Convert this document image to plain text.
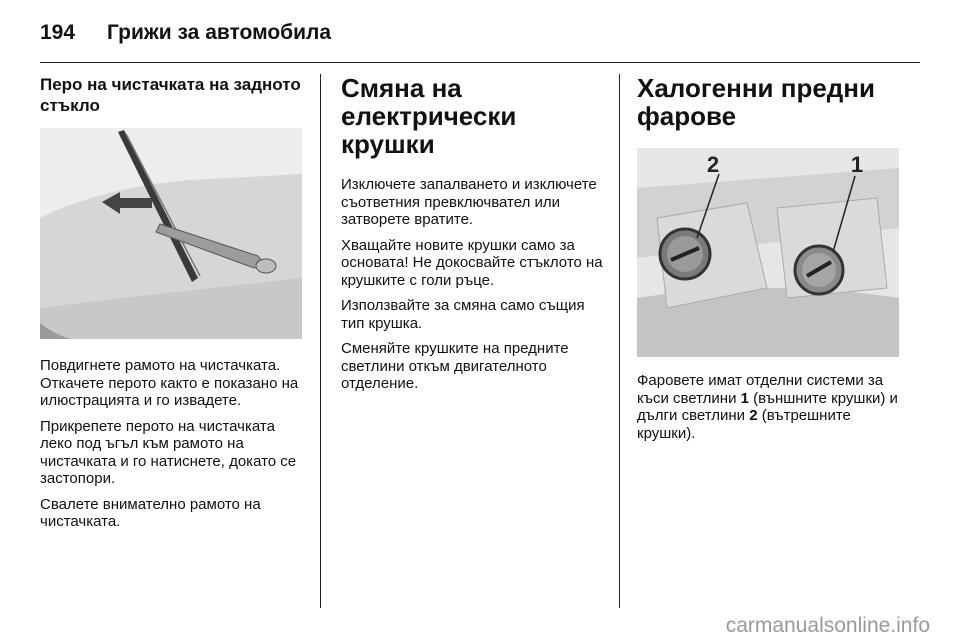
194 Грижи за автомобила
Перо на чистачката на задното стъкло

Повдигнете рамото на чистачката. Откачете перото както е показано на илюстрацията и го извадете.

Прикрепете перото на чистачката леко под ъгъл към рамото на чистачката и го натиснете, докато се застопори.

Свалете внимателно рамото на чистачката.

Смяна на електрически крушки

Изключете запалването и изключете съответния превключвател или затворете вратите.

Хващайте новите крушки само за основата! Не докосвайте стъклото на крушките с голи ръце.

Използвайте за смяна само същия тип крушка.

Сменяйте крушките на предните светлини откъм двигателното отделение.

Халогенни предни фарове
2	1

Фаровете имат отделни системи за къси светлини 1 (външните крушки) и дълги светлини 2 (вътрешните крушки).

carmanualsonline.info
